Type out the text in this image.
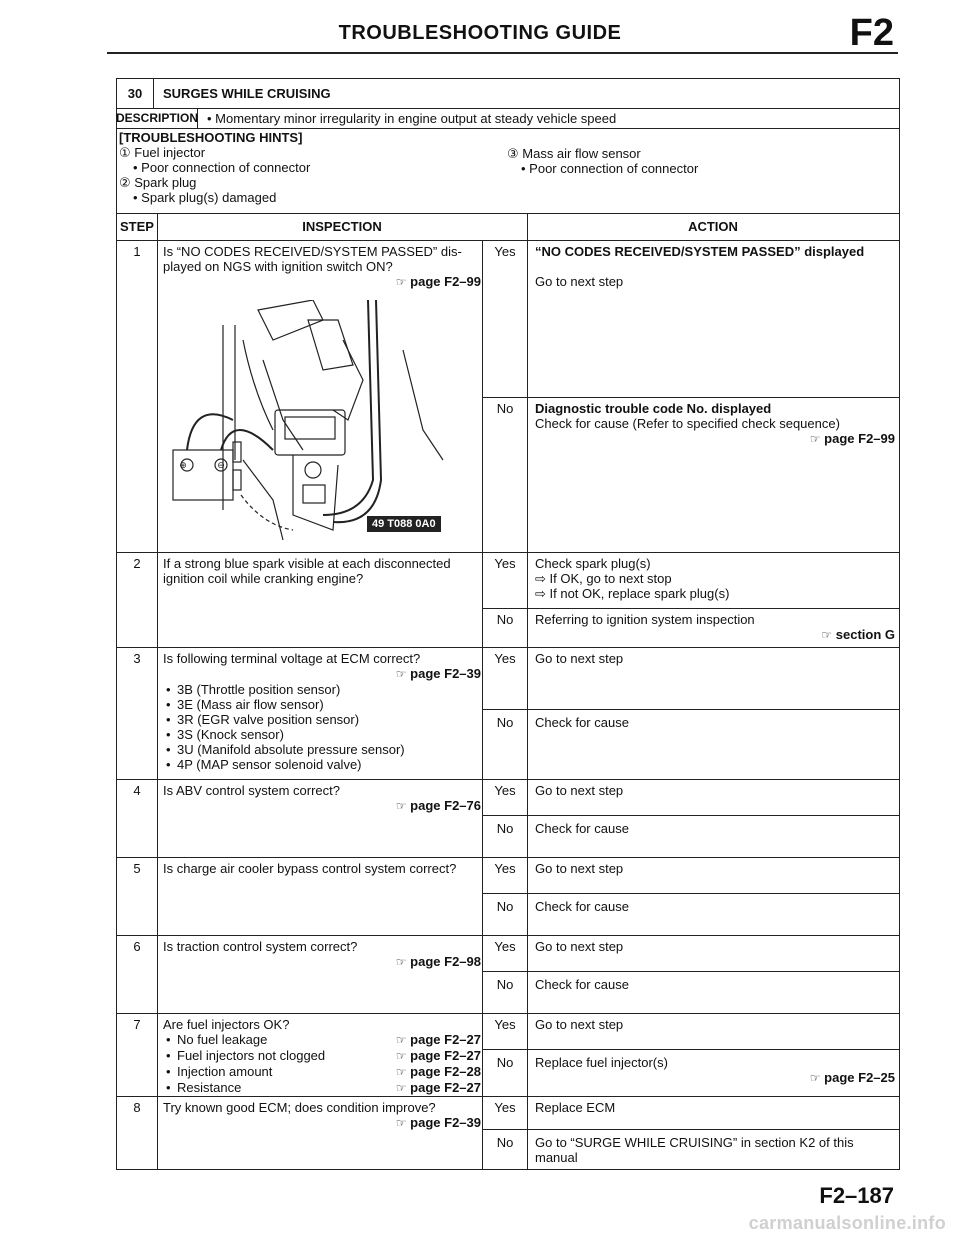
TROUBLESHOOTING GUIDE	F2
30	SURGES WHILE CRUISING
DESCRIPTION • Momentary minor irregularity in engine output at steady vehicle speed
[TROUBLESHOOTING HINTS]
① Fuel injector
• Poor connection of connector
② Spark plug
• Spark plug(s) damaged
③ Mass air flow sensor
• Poor connection of connector
STEP	INSPECTION	ACTION
1	Is “NO CODES RECEIVED/SYSTEM PASSED” dis-played on NGS with ignition switch ON?
☞ page F2–99
⊕	⊖
49 T088 0A0
Yes	“NO CODES RECEIVED/SYSTEM PASSED” displayed
Go to next step
No	Diagnostic trouble code No. displayed
Check for cause (Refer to specified check sequence)
☞ page F2–99
2	If a strong blue spark visible at each disconnected ignition coil while cranking engine?
Yes	Check spark plug(s)
⇨ If OK, go to next stop
⇨ If not OK, replace spark plug(s)
No	Referring to ignition system inspection
☞ section G
3	Is following terminal voltage at ECM correct?
☞ page F2–39
• 3B (Throttle position sensor)
• 3E (Mass air flow sensor)
• 3R (EGR valve position sensor)
• 3S (Knock sensor)
• 3U (Manifold absolute pressure sensor)
• 4P (MAP sensor solenoid valve)
Yes	Go to next step
No	Check for cause
4	Is ABV control system correct?
☞ page F2–76
Yes	Go to next step
No	Check for cause
5	Is charge air cooler bypass control system correct?	Yes	Go to next step
No	Check for cause
6	Is traction control system correct?
☞ page F2–98
Yes	Go to next step
No	Check for cause
7	Are fuel injectors OK?
• No fuel leakage	☞ page F2–27
• Fuel injectors not clogged	☞ page F2–27
• Injection amount	☞ page F2–28
• Resistance	☞ page F2–27
Yes	Go to next step
No	Replace fuel injector(s)
☞ page F2–25
8	Try known good ECM; does condition improve?
☞ page F2–39
Yes	Replace ECM
No	Go to “SURGE WHILE CRUISING” in section K2 of this manual
F2–187
carmanualsonline.info
